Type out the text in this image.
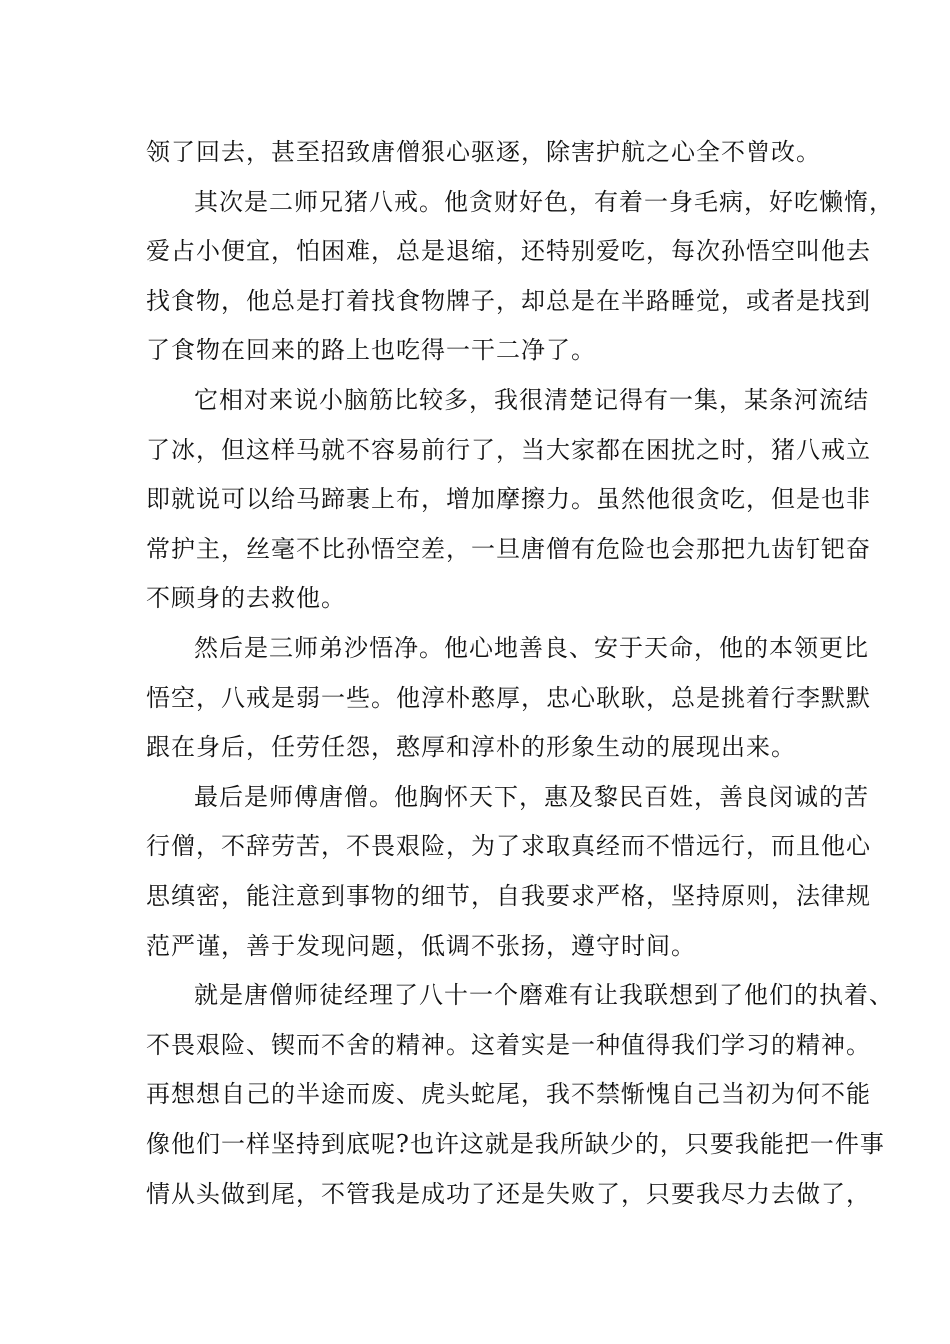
领了回去，甚至招致唐僧狠心驱逐，除害护航之心全不曾改。
其次是二师兄猪八戒。他贪财好色，有着一身毛病，好吃懒惰，
爱占小便宜，怕困难，总是退缩，还特别爱吃，每次孙悟空叫他去
找食物，他总是打着找食物牌子，却总是在半路睡觉，或者是找到
了食物在回来的路上也吃得一干二净了。
它相对来说小脑筋比较多，我很清楚记得有一集，某条河流结
了冰，但这样马就不容易前行了，当大家都在困扰之时，猪八戒立
即就说可以给马蹄裹上布，增加摩擦力。虽然他很贪吃，但是也非
常护主，丝毫不比孙悟空差，一旦唐僧有危险也会那把九齿钉钯奋
不顾身的去救他。
然后是三师弟沙悟净。他心地善良、安于天命，他的本领更比
悟空，八戒是弱一些。他淳朴憨厚，忠心耿耿，总是挑着行李默默
跟在身后，任劳任怨，憨厚和淳朴的形象生动的展现出来。
最后是师傅唐僧。他胸怀天下，惠及黎民百姓，善良闵诚的苦
行僧，不辞劳苦，不畏艰险，为了求取真经而不惜远行，而且他心
思缜密，能注意到事物的细节，自我要求严格，坚持原则，法律规
范严谨，善于发现问题，低调不张扬，遵守时间。
就是唐僧师徒经理了八十一个磨难有让我联想到了他们的执着、
不畏艰险、锲而不舍的精神。这着实是一种值得我们学习的精神。
再想想自己的半途而废、虎头蛇尾，我不禁惭愧自己当初为何不能
像他们一样坚持到底呢?也许这就是我所缺少的，只要我能把一件事
情从头做到尾，不管我是成功了还是失败了，只要我尽力去做了，
